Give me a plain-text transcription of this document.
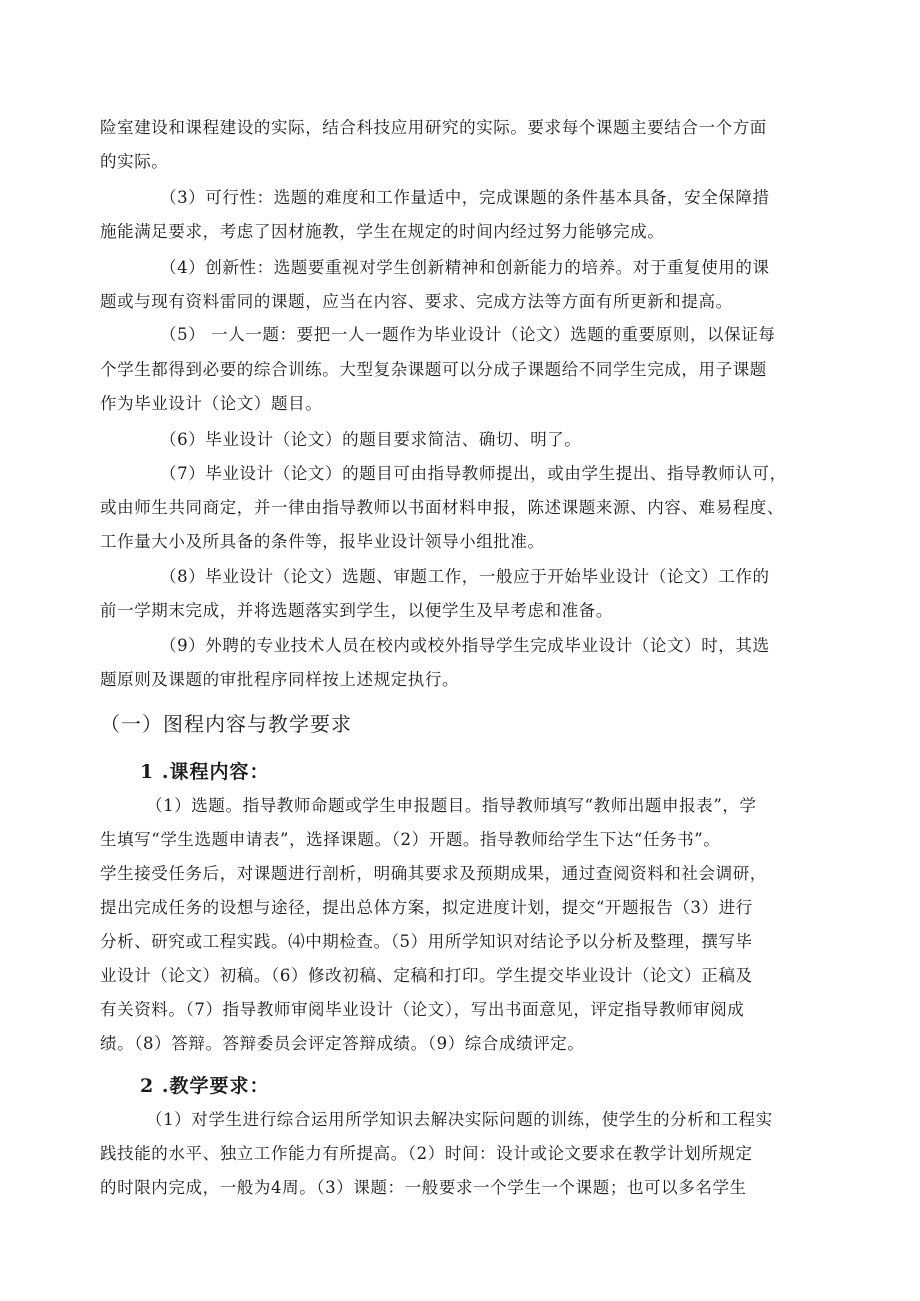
险室建设和课程建设的实际，结合科技应用研究的实际。要求每个课题主要结合一个方面
的实际。
（3）可行性：选题的难度和工作量适中，完成课题的条件基本具备，安全保障措
施能满足要求，考虑了因材施教，学生在规定的时间内经过努力能够完成。
（4）创新性：选题要重视对学生创新精神和创新能力的培养。对于重复使用的课
题或与现有资料雷同的课题，应当在内容、要求、完成方法等方面有所更新和提高。
（5） 一人一题：要把一人一题作为毕业设计（论文）选题的重要原则，以保证每
个学生都得到必要的综合训练。大型复杂课题可以分成子课题给不同学生完成，用子课题
作为毕业设计（论文）题目。
（6）毕业设计（论文）的题目要求简洁、确切、明了。
（7）毕业设计（论文）的题目可由指导教师提出，或由学生提出、指导教师认可，
或由师生共同商定，并一律由指导教师以书面材料申报，陈述课题来源、内容、难易程度、
工作量大小及所具备的条件等，报毕业设计领导小组批准。
（8）毕业设计（论文）选题、审题工作，一般应于开始毕业设计（论文）工作的
前一学期末完成，并将选题落实到学生，以便学生及早考虑和准备。
（9）外聘的专业技术人员在校内或校外指导学生完成毕业设计（论文）时，其选
题原则及课题的审批程序同样按上述规定执行。
（一）图程内容与教学要求
1 .课程内容：
（1）选题。指导教师命题或学生申报题目。指导教师填写“教师出题申报表”，学
生填写“学生选题申请表”，选择课题。（2）开题。指导教师给学生下达“任务书”。
学生接受任务后，对课题进行剖析，明确其要求及预期成果，通过查阅资料和社会调研，
提出完成任务的设想与途径，提出总体方案，拟定进度计划，提交“开题报告（3）进行
分析、研究或工程实践。⑷中期检查。（5）用所学知识对结论予以分析及整理，撰写毕
业设计（论文）初稿。（6）修改初稿、定稿和打印。学生提交毕业设计（论文）正稿及
有关资料。（7）指导教师审阅毕业设计（论文），写出书面意见，评定指导教师审阅成
绩。（8）答辩。答辩委员会评定答辩成绩。（9）综合成绩评定。
2 .教学要求：
（1）对学生进行综合运用所学知识去解决实际问题的训练，使学生的分析和工程实
践技能的水平、独立工作能力有所提高。（2）时间：设计或论文要求在教学计划所规定
的时限内完成，一般为4周。（3）课题：一般要求一个学生一个课题；也可以多名学生
